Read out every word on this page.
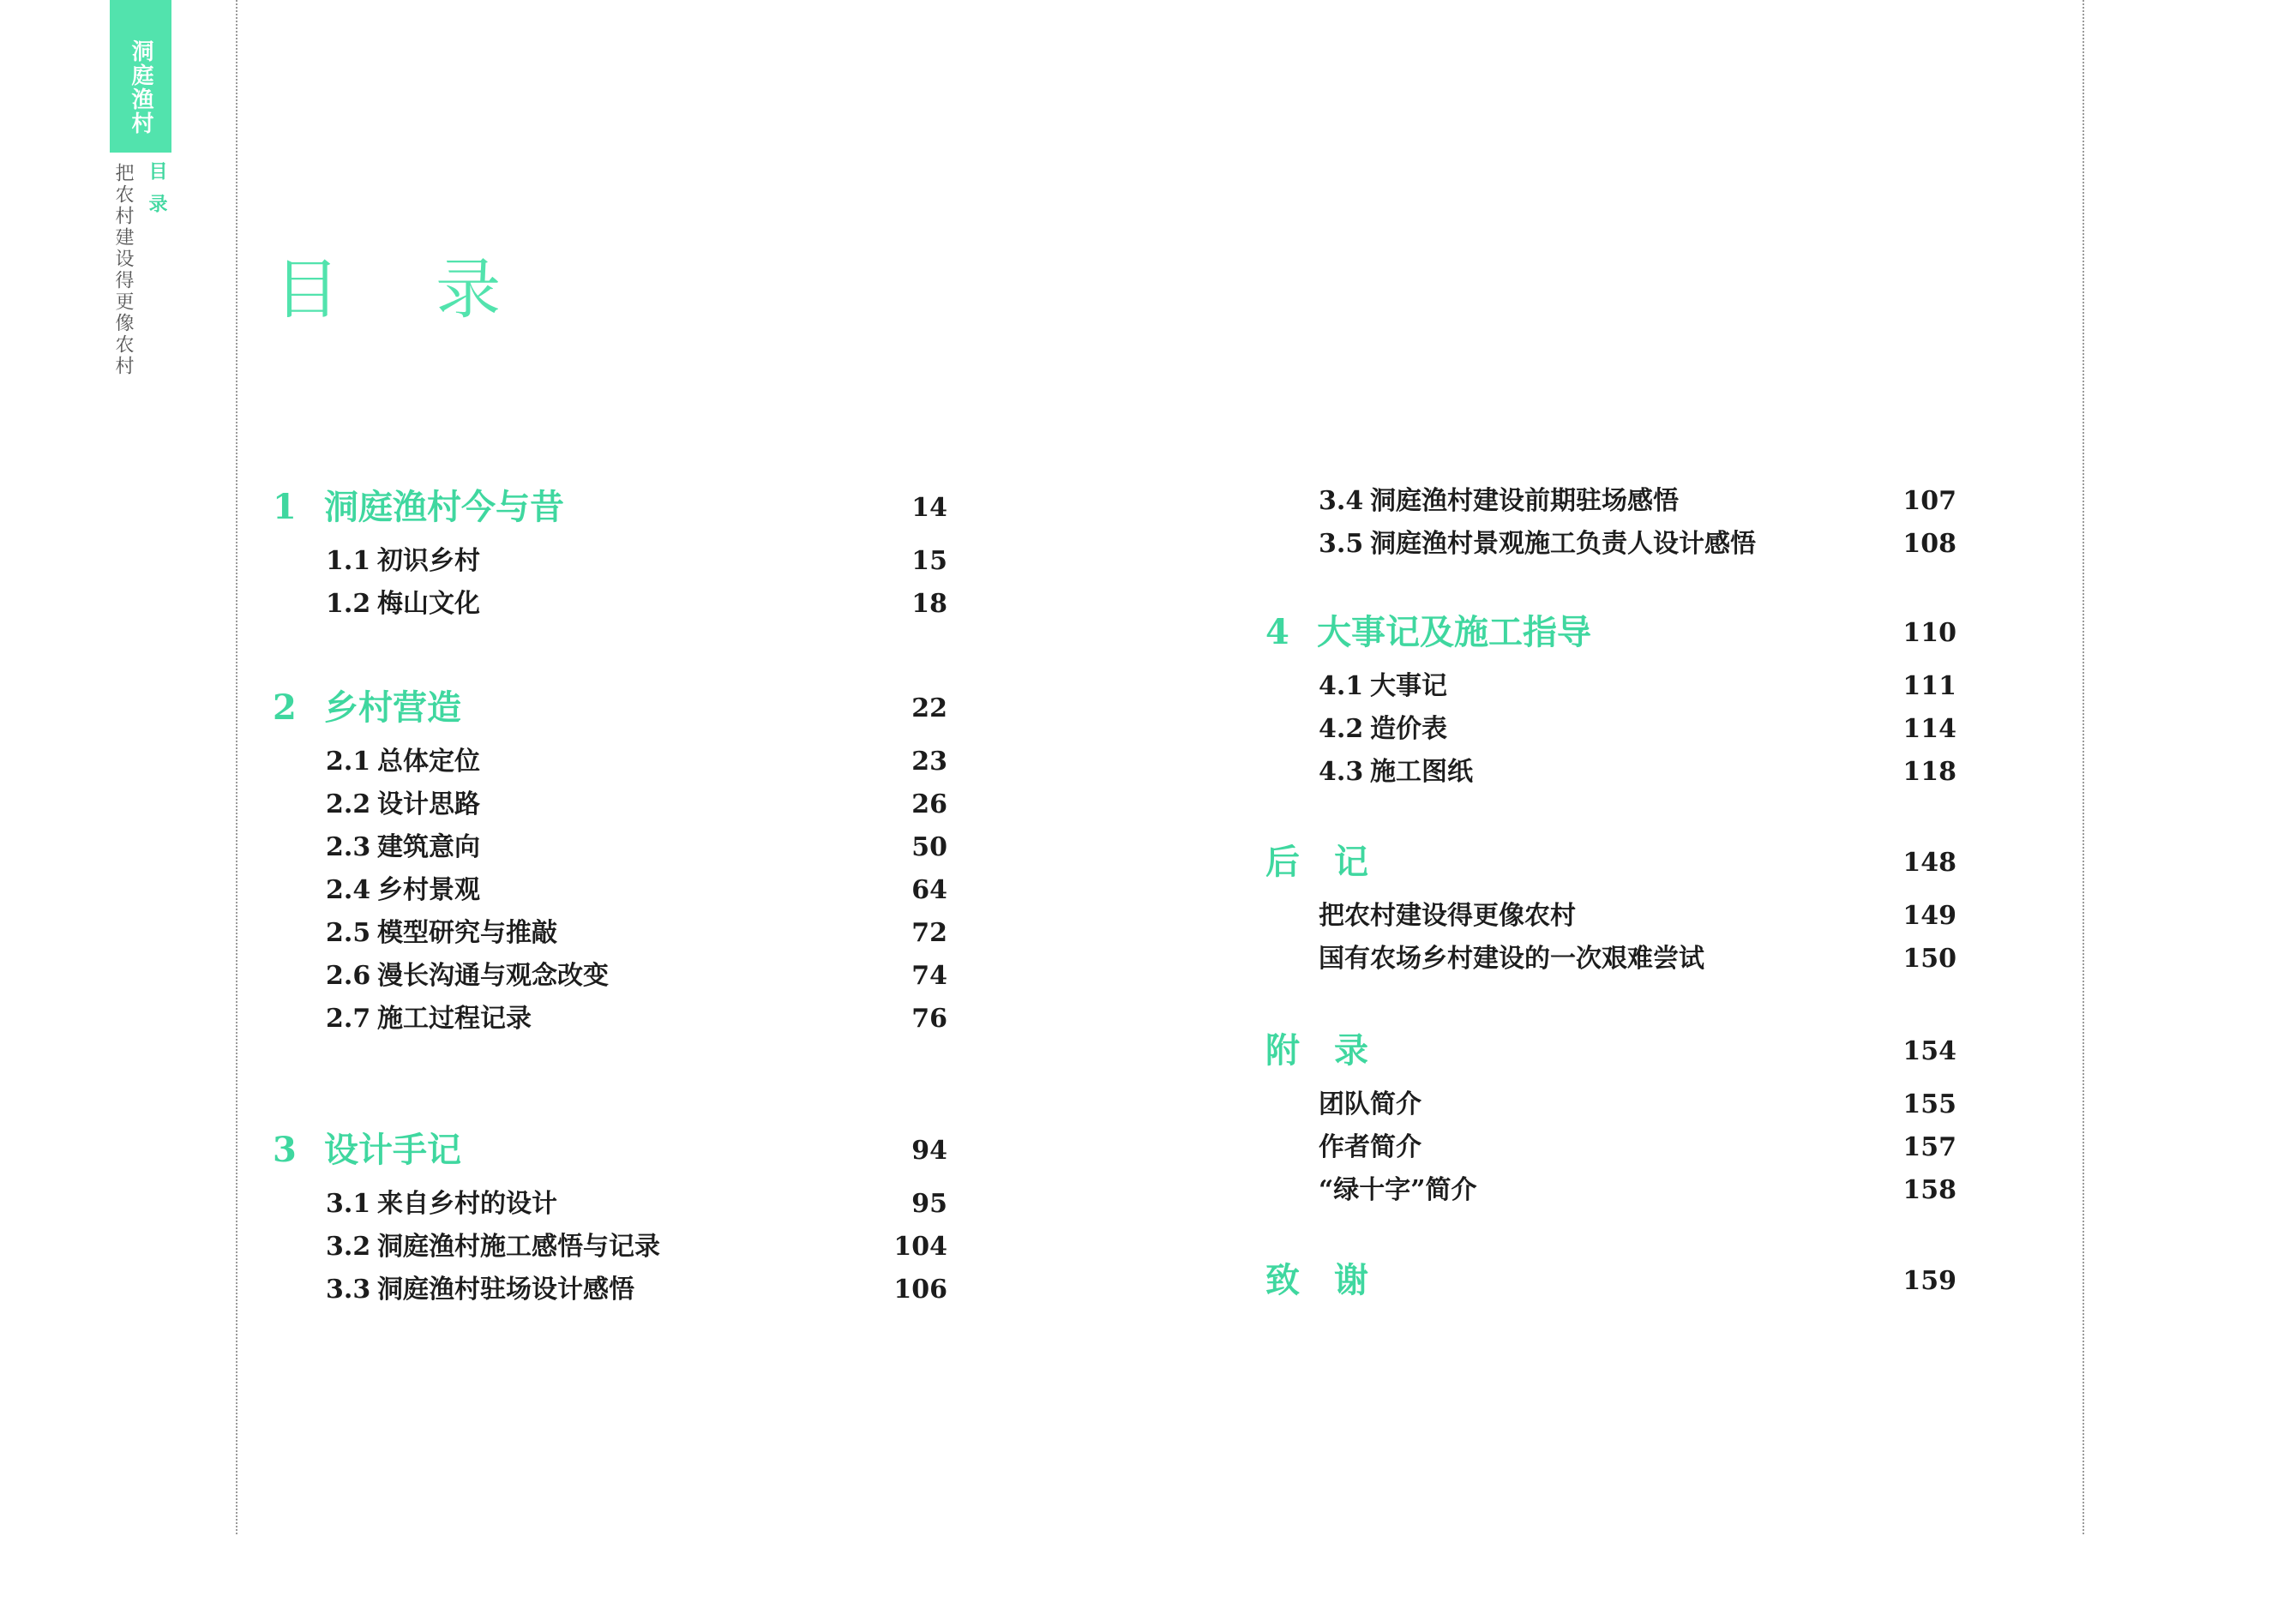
洞庭渔村
把农村建设得更像农村 目录
目 录
1 洞庭渔村今与昔	14
1.1 初识乡村	15
1.2 梅山文化	18
2 乡村营造	22
2.1 总体定位	23
2.2 设计思路	26
2.3 建筑意向	50
2.4 乡村景观	64
2.5 模型研究与推敲	72
2.6 漫长沟通与观念改变	74
2.7 施工过程记录	76
3 设计手记	94
3.1 来自乡村的设计	95
3.2 洞庭渔村施工感悟与记录	104
3.3 洞庭渔村驻场设计感悟	106
3.4 洞庭渔村建设前期驻场感悟	107
3.5 洞庭渔村景观施工负责人设计感悟	108
4 大事记及施工指导	110
4.1 大事记	111
4.2 造价表	114
4.3 施工图纸	118
后记	148
把农村建设得更像农村	149
国有农场乡村建设的一次艰难尝试	150
附录	154
团队简介	155
作者简介	157
“绿十字”简介	158
致谢	159
